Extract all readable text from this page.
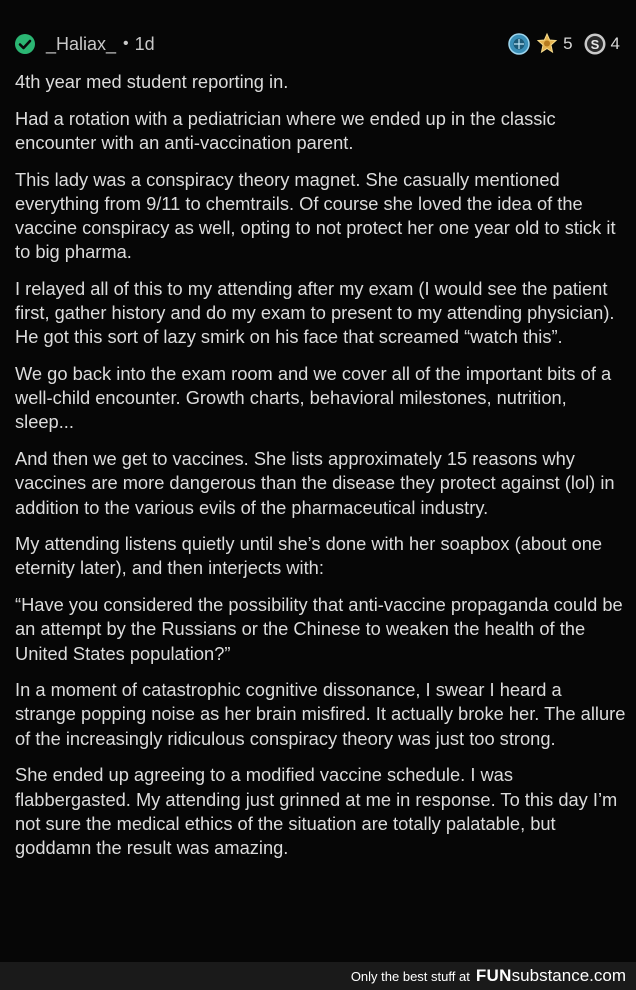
_Haliax_ • 1d	5 S 4

4th year med student reporting in.

Had a rotation with a pediatrician where we ended up in the classic encounter with an anti-vaccination parent.

This lady was a conspiracy theory magnet. She casually mentioned everything from 9/11 to chemtrails. Of course she loved the idea of the vaccine conspiracy as well, opting to not protect her one year old to stick it to big pharma.

I relayed all of this to my attending after my exam (I would see the patient first, gather history and do my exam to present to my attending physician). He got this sort of lazy smirk on his face that screamed “watch this”.

We go back into the exam room and we cover all of the important bits of a well-child encounter. Growth charts, behavioral milestones, nutrition, sleep...

And then we get to vaccines. She lists approximately 15 reasons why vaccines are more dangerous than the disease they protect against (lol) in addition to the various evils of the pharmaceutical industry.

My attending listens quietly until she’s done with her soapbox (about one eternity later), and then interjects with:

“Have you considered the possibility that anti-vaccine propaganda could be an attempt by the Russians or the Chinese to weaken the health of the United States population?”

In a moment of catastrophic cognitive dissonance, I swear I heard a strange popping noise as her brain misfired. It actually broke her. The allure of the increasingly ridiculous conspiracy theory was just too strong.

She ended up agreeing to a modified vaccine schedule. I was flabbergasted. My attending just grinned at me in response. To this day I’m not sure the medical ethics of the situation are totally palatable, but goddamn the result was amazing.

Only the best stuff at FUN substance .com
